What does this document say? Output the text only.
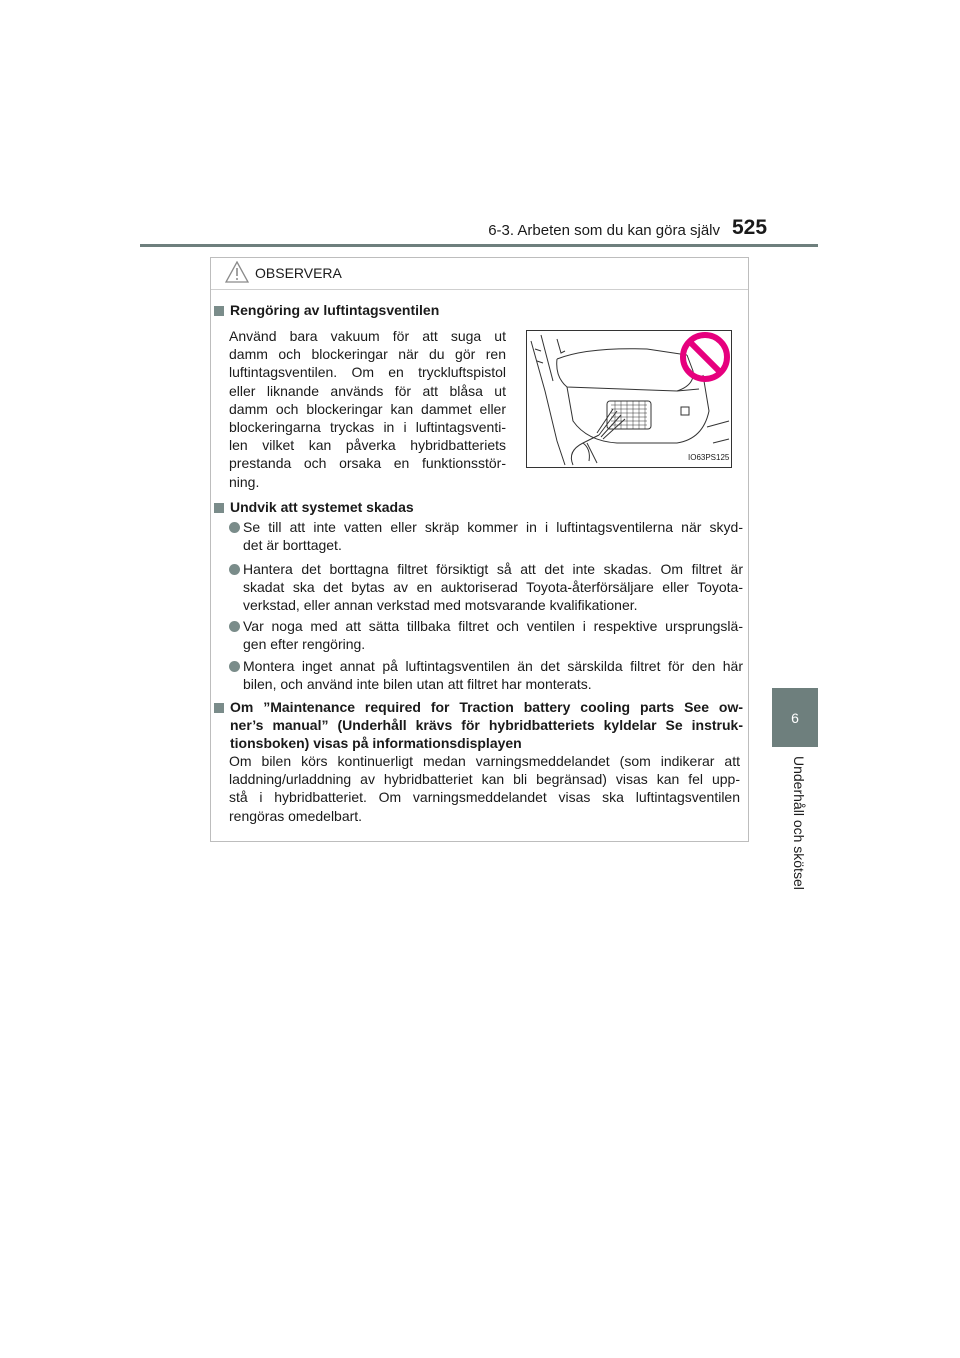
6-3. Arbeten som du kan göra själv 525
6
Underhåll och skötsel
OBSERVERA
Rengöring av luftintagsventilen
Använd bara vakuum för att suga ut
damm och blockeringar när du gör ren
luftintagsventilen. Om en tryckluftspistol
eller liknande används för att blåsa ut
damm och blockeringar kan dammet eller
blockeringarna tryckas in i luftintagsventi-
len vilket kan påverka hybridbatteriets
prestanda och orsaka en funktionsstör-
ning.
IO63PS125
Undvik att systemet skadas
Se till att inte vatten eller skräp kommer in i luftintagsventilerna när skyd-
det är borttaget.
Hantera det borttagna filtret försiktigt så att det inte skadas. Om filtret är
skadat ska det bytas av en auktoriserad Toyota-återförsäljare eller Toyota-
verkstad, eller annan verkstad med motsvarande kvalifikationer.
Var noga med att sätta tillbaka filtret och ventilen i respektive ursprungslä-
gen efter rengöring.
Montera inget annat på luftintagsventilen än det särskilda filtret för den här
bilen, och använd inte bilen utan att filtret har monterats.
Om ”Maintenance required for Traction battery cooling parts See ow-
ner’s manual” (Underhåll krävs för hybridbatteriets kyldelar Se instruk-
tionsboken) visas på informationsdisplayen
Om bilen körs kontinuerligt medan varningsmeddelandet (som indikerar att
laddning/urladdning av hybridbatteriet kan bli begränsad) visas kan fel upp-
stå i hybridbatteriet. Om varningsmeddelandet visas ska luftintagsventilen
rengöras omedelbart.
